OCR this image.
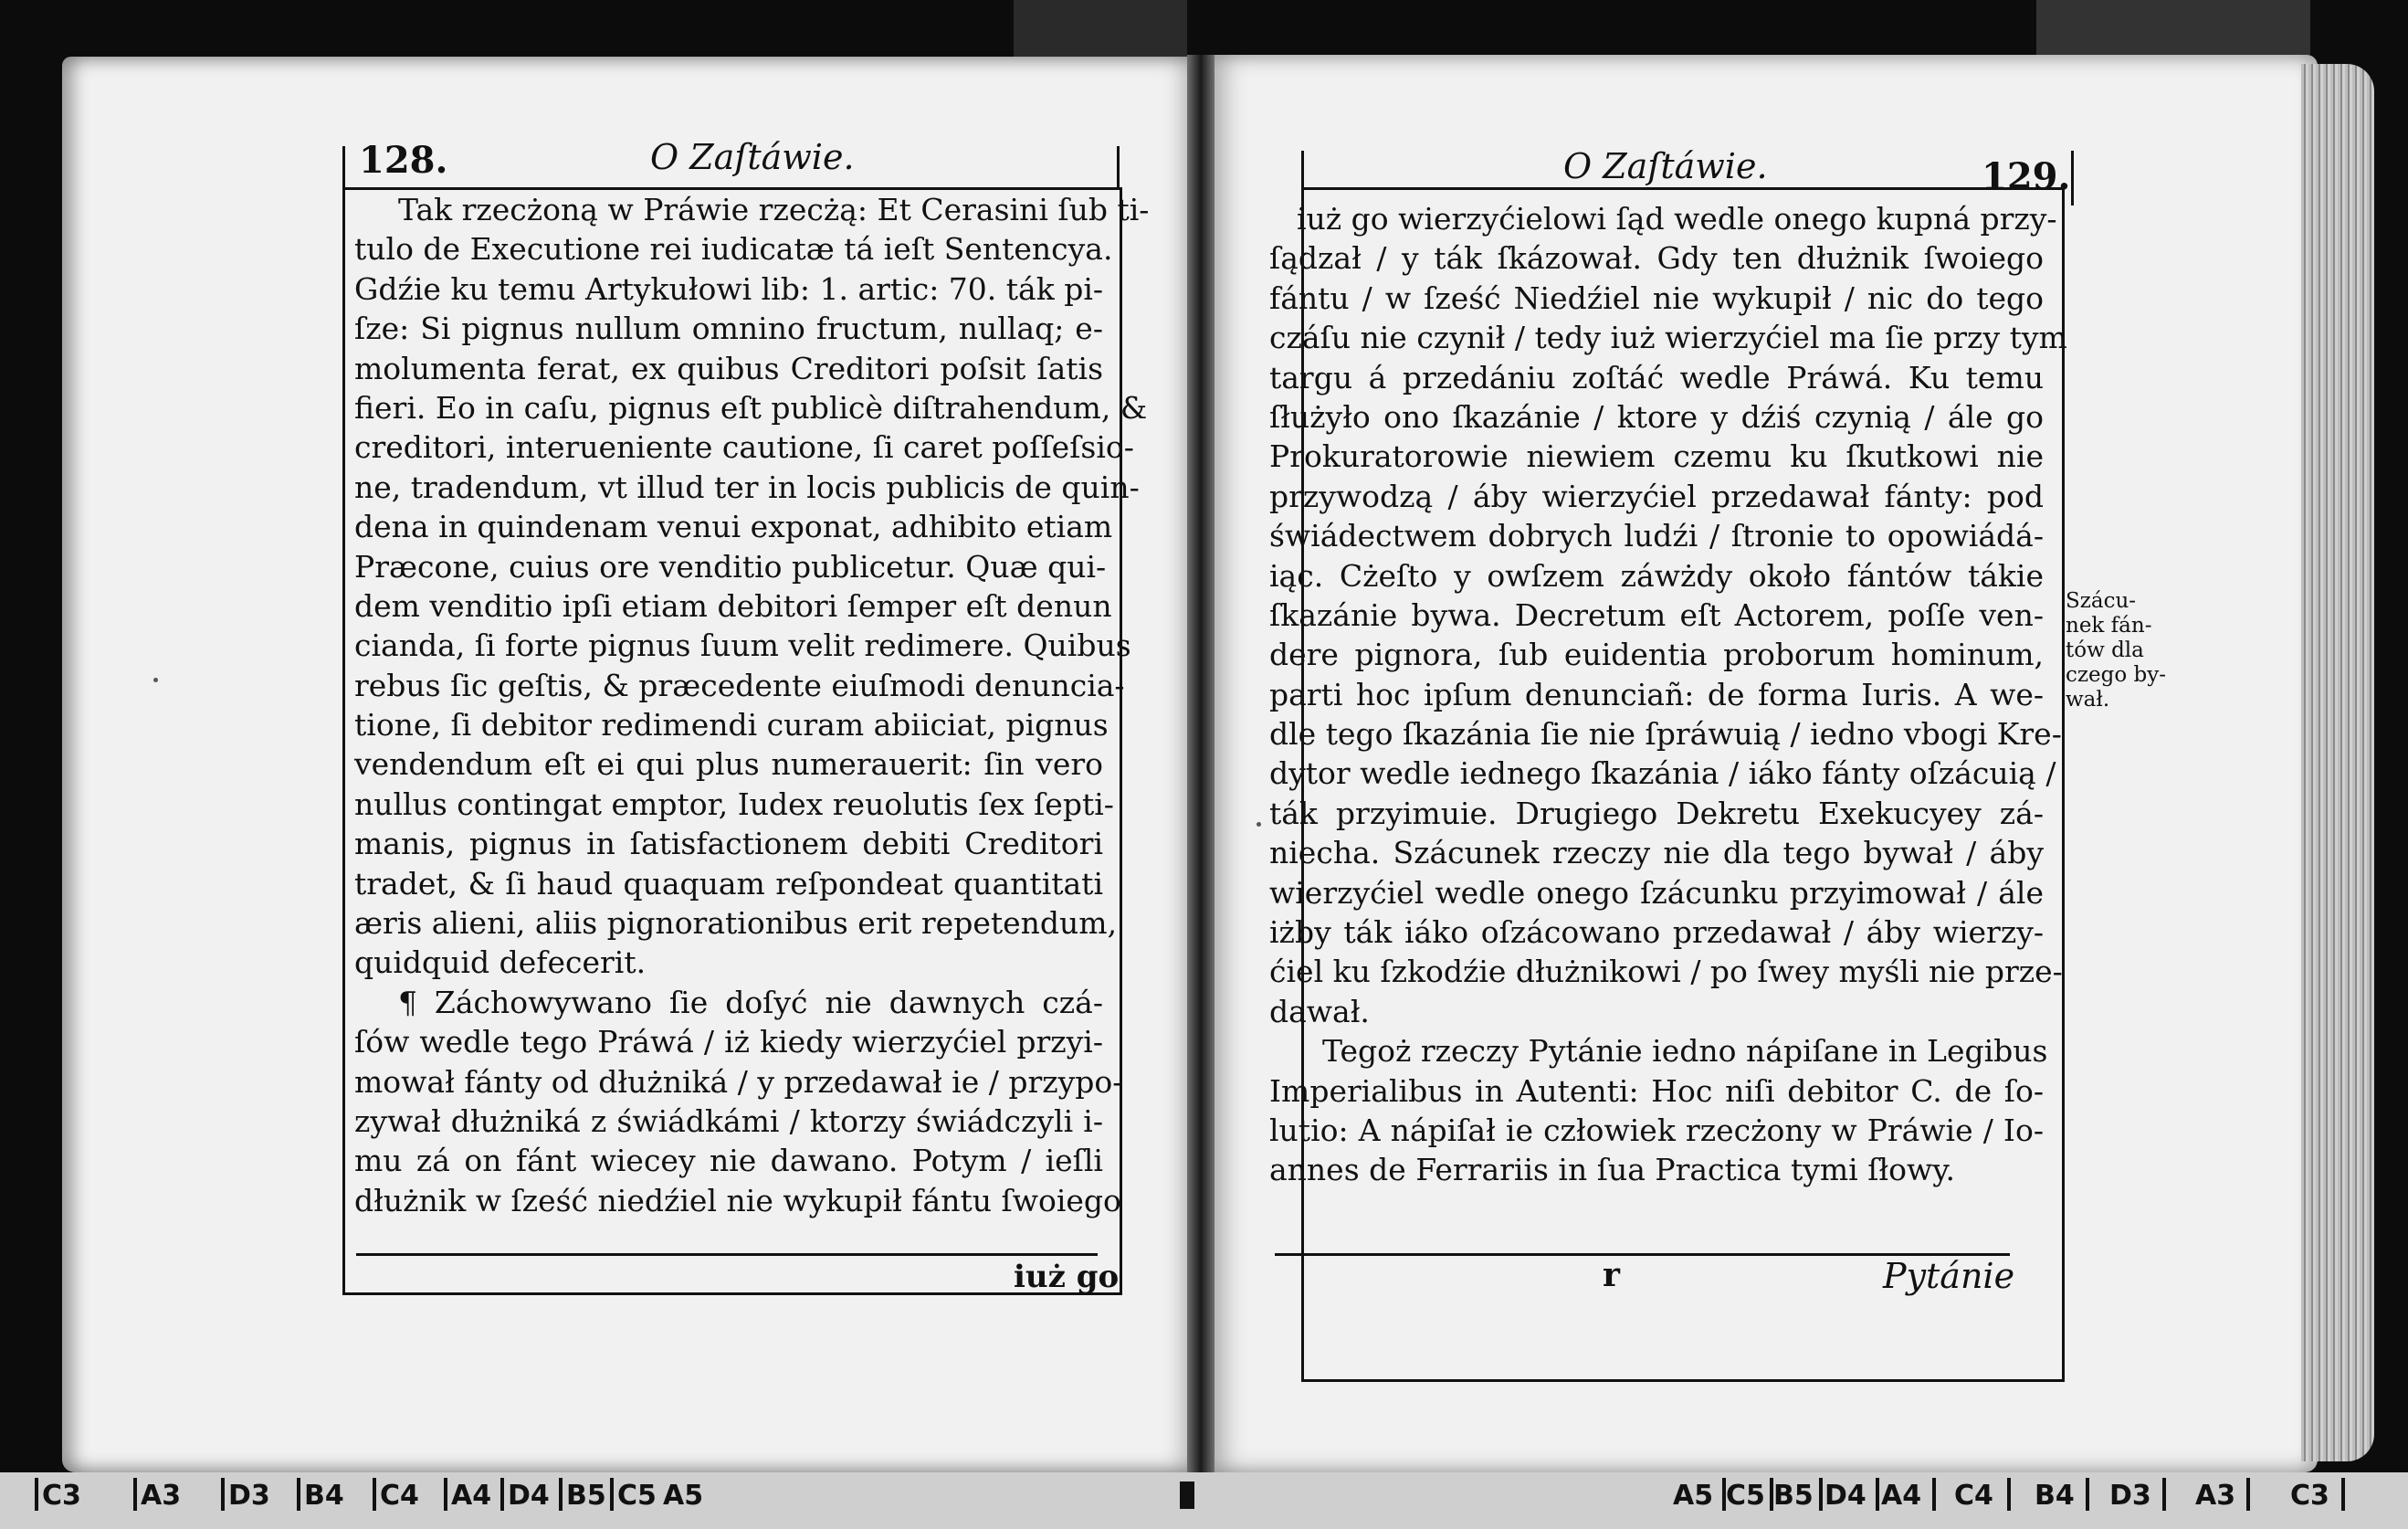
128.	O Zaſtáwie.
Tak rzecżoną w Práwie rzecżą: Et Cerasini ſub ti-
tulo de Executione rei iudicatæ tá ieſt Sentencya.
Gdźie ku temu Artykułowi lib: 1. artic: 70. ták pi-
ſze: Si pignus nullum omnino fructum, nullaq; e-
molumenta ferat, ex quibus Creditori poſsit ſatis
fieri. Eo in caſu, pignus eſt publicè diſtrahendum, &
creditori, interueniente cautione, ſi caret poſſeſsio-
ne, tradendum, vt illud ter in locis publicis de quin-
dena in quindenam venui exponat, adhibito etiam
Præcone, cuius ore venditio publicetur. Quæ qui-
dem venditio ipſi etiam debitori ſemper eſt denun
cianda, ſi forte pignus ſuum velit redimere. Quibus
rebus ſic geſtis, & præcedente eiuſmodi denuncia-
tione, ſi debitor redimendi curam abiiciat, pignus
vendendum eſt ei qui plus numerauerit: ſin vero
nullus contingat emptor, Iudex reuolutis ſex ſepti-
manis, pignus in ſatisfactionem debiti Creditori
tradet, & ſi haud quaquam reſpondeat quantitati
æris alieni, aliis pignorationibus erit repetendum,
quidquid defecerit.
¶ Záchowywano ſie doſyć nie dawnych czá-
ſów wedle tego Práwá / iż kiedy wierzyćiel przyi-
mował fánty od dłużniká / y przedawał ie / przypo-
zywał dłużniká z świádkámi / ktorzy świádczyli i-
mu zá on fánt wiecey nie dawano. Potym / ieſli
dłużnik w ſześć niedźiel nie wykupił fántu ſwoiego
iuż go
O Zaſtáwie.	129.
iuż go wierzyćielowi ſąd wedle onego kupná przy-
ſądzał / y ták ſkázował. Gdy ten dłużnik ſwoiego
fántu / w ſześć Niedźiel nie wykupił / nic do tego
czáſu nie czynił / tedy iuż wierzyćiel ma ſie przy tym
targu á przedániu zoſtáć wedle Práwá. Ku temu
ſłużyło ono ſkazánie / ktore y dźiś czynią / ále go
Prokuratorowie niewiem czemu ku ſkutkowi nie
przywodzą / áby wierzyćiel przedawał fánty: pod
świádectwem dobrych ludźi / ſtronie to opowiádá-
iąc. Cżeſto y owſzem záwżdy około fántów tákie
ſkazánie bywa. Decretum eſt Actorem, poſſe ven-
dere pignora, ſub euidentia proborum hominum,
parti hoc ipſum denunciañ: de forma Iuris. A we-
dle tego ſkazánia ſie nie ſpráwuią / iedno vbogi Kre-
dytor wedle iednego ſkazánia / iáko fánty oſzácuią /
ták przyimuie. Drugiego Dekretu Exekucyey zá-
niecha. Szácunek rzeczy nie dla tego bywał / áby
wierzyćiel wedle onego ſzácunku przyimował / ále
iżby ták iáko oſzácowano przedawał / áby wierzy-
ćiel ku ſzkodźie dłużnikowi / po ſwey myśli nie prze-
dawał.
Tegoż rzeczy Pytánie iedno nápiſane in Legibus
Imperialibus in Autenti: Hoc niſi debitor C. de ſo-
lutio: A nápiſał ie człowiek rzecżony w Práwie / Io-
annes de Ferrariis in ſua Practica tymi ſłowy.
Szácu-
nek fán-
tów dla
czego by-
wał.
r	Pytánie
C3 A3 D3 B4 C4 A4 D4 B5 C5 A5	A5 C5 B5 D4 A4 C4 B4 D3 A3 C3
